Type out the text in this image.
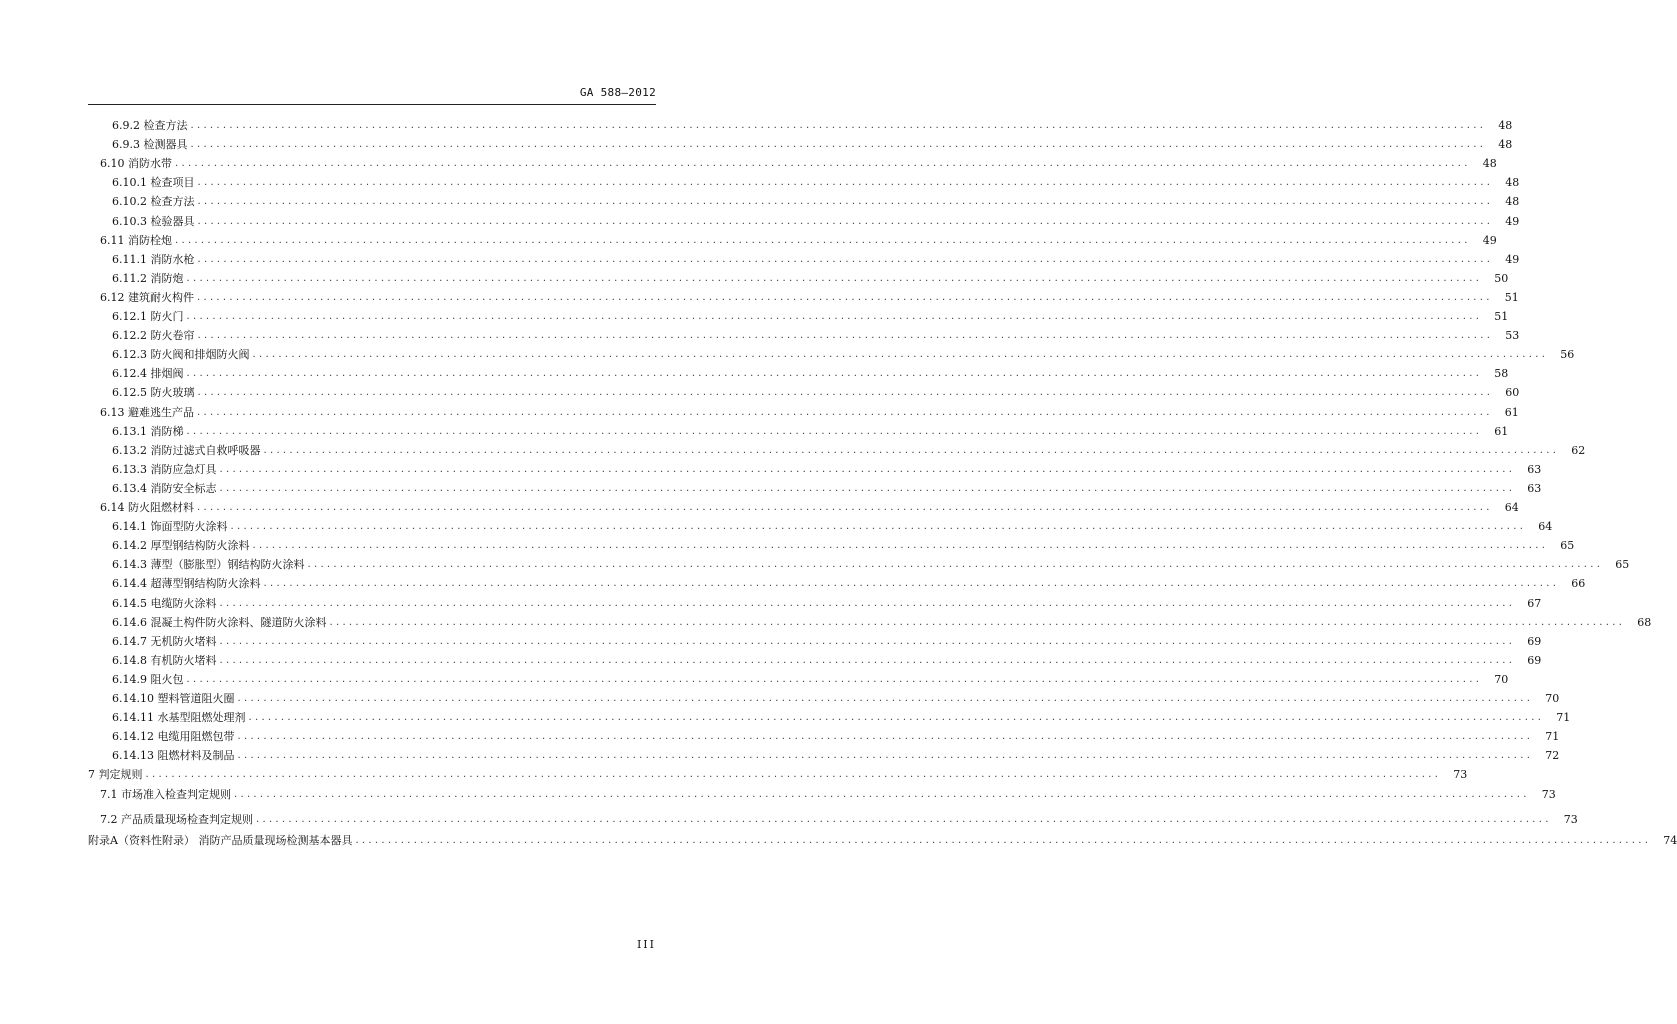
GA 588—2012
6.9.2 检查方法 ........................................................................................................................................................................................................	48
6.9.3 检测器具 ........................................................................................................................................................................................................	48
6.10 消防水带 ........................................................................................................................................................................................................	48
6.10.1 检查项目 ........................................................................................................................................................................................................	48
6.10.2 检查方法 ........................................................................................................................................................................................................	48
6.10.3 检验器具 ........................................................................................................................................................................................................	49
6.11 消防栓炮 ........................................................................................................................................................................................................	49
6.11.1 消防水枪 ........................................................................................................................................................................................................	49
6.11.2 消防炮 ........................................................................................................................................................................................................	50
6.12 建筑耐火构件 ........................................................................................................................................................................................................	51
6.12.1 防火门 ........................................................................................................................................................................................................	51
6.12.2 防火卷帘 ........................................................................................................................................................................................................	53
6.12.3 防火阀和排烟防火阀 ........................................................................................................................................................................................................	56
6.12.4 排烟阀 ........................................................................................................................................................................................................	58
6.12.5 防火玻璃 ........................................................................................................................................................................................................	60
6.13 避难逃生产品 ........................................................................................................................................................................................................	61
6.13.1 消防梯 ........................................................................................................................................................................................................	61
6.13.2 消防过滤式自救呼吸器 ........................................................................................................................................................................................................	62
6.13.3 消防应急灯具 ........................................................................................................................................................................................................	63
6.13.4 消防安全标志 ........................................................................................................................................................................................................	63
6.14 防火阻燃材料 ........................................................................................................................................................................................................	64
6.14.1 饰面型防火涂料 ........................................................................................................................................................................................................	64
6.14.2 厚型钢结构防火涂料 ........................................................................................................................................................................................................	65
6.14.3 薄型（膨胀型）钢结构防火涂料 ........................................................................................................................................................................................................	65
6.14.4 超薄型钢结构防火涂料 ........................................................................................................................................................................................................	66
6.14.5 电缆防火涂料 ........................................................................................................................................................................................................	67
6.14.6 混凝土构件防火涂料、隧道防火涂料 ........................................................................................................................................................................................................	68
6.14.7 无机防火堵料 ........................................................................................................................................................................................................	69
6.14.8 有机防火堵料 ........................................................................................................................................................................................................	69
6.14.9 阻火包 ........................................................................................................................................................................................................	70
6.14.10 塑料管道阻火圈 ........................................................................................................................................................................................................	70
6.14.11 水基型阻燃处理剂 ........................................................................................................................................................................................................	71
6.14.12 电缆用阻燃包带 ........................................................................................................................................................................................................	71
6.14.13 阻燃材料及制品 ........................................................................................................................................................................................................	72
7 判定规则 ........................................................................................................................................................................................................	73
7.1 市场准入检查判定规则 ........................................................................................................................................................................................................	73
7.2 产品质量现场检查判定规则 ........................................................................................................................................................................................................	73
附录A（资料性附录） 消防产品质量现场检测基本器具 ........................................................................................................................................................................................................	74
III
